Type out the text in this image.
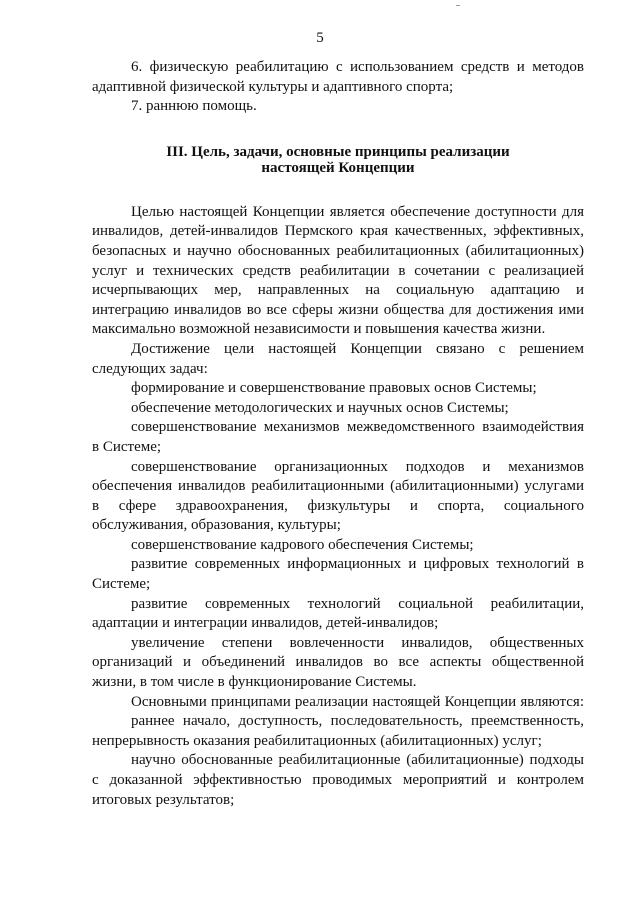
5

6. физическую реабилитацию с использованием средств и методов адаптивной физической культуры и адаптивного спорта;

7. раннюю помощь.

III. Цель, задачи, основные принципы реализации
настоящей Концепции

Целью настоящей Концепции является обеспечение доступности для инвалидов, детей-инвалидов Пермского края качественных, эффективных, безопасных и научно обоснованных реабилитационных (абилитационных) услуг и технических средств реабилитации в сочетании с реализацией исчерпывающих мер, направленных на социальную адаптацию и интеграцию инвалидов во все сферы жизни общества для достижения ими максимально возможной независимости и повышения качества жизни.

Достижение цели настоящей Концепции связано с решением следующих задач:

формирование и совершенствование правовых основ Системы;

обеспечение методологических и научных основ Системы;

совершенствование механизмов межведомственного взаимодействия в Системе;

совершенствование организационных подходов и механизмов обеспечения инвалидов реабилитационными (абилитационными) услугами в сфере здравоохранения, физкультуры и спорта, социального обслуживания, образования, культуры;

совершенствование кадрового обеспечения Системы;

развитие современных информационных и цифровых технологий в Системе;

развитие современных технологий социальной реабилитации, адаптации и интеграции инвалидов, детей-инвалидов;

увеличение степени вовлеченности инвалидов, общественных организаций и объединений инвалидов во все аспекты общественной жизни, в том числе в функционирование Системы.

Основными принципами реализации настоящей Концепции являются:

раннее начало, доступность, последовательность, преемственность, непрерывность оказания реабилитационных (абилитационных) услуг;

научно обоснованные реабилитационные (абилитационные) подходы с доказанной эффективностью проводимых мероприятий и контролем итоговых результатов;
